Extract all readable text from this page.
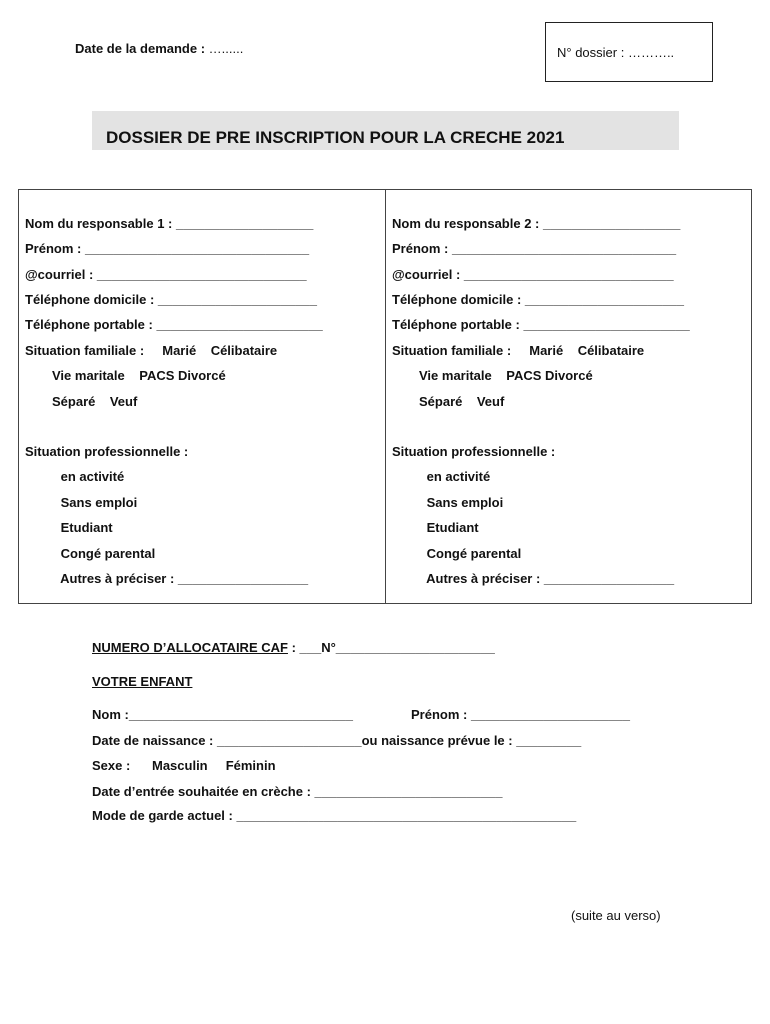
Date de la demande : …......	N° dossier : ………..
DOSSIER DE PRE INSCRIPTION POUR LA CRECHE 2021
Nom du responsable 1 : ___________________
Prénom : _______________________________
@courriel : _____________________________
Téléphone domicile : ______________________
Téléphone portable : _______________________
Situation familiale : Marié Célibataire
Vie maritale PACS Divorcé
Séparé Veuf
Situation professionnelle :
en activité
Sans emploi
Etudiant
Congé parental
Autres à préciser : __________________
Nom du responsable 2 : ___________________
Prénom : _______________________________
@courriel : _____________________________
Téléphone domicile : ______________________
Téléphone portable : _______________________
Situation familiale : Marié Célibataire
Vie maritale PACS Divorcé
Séparé Veuf
Situation professionnelle :
en activité
Sans emploi
Etudiant
Congé parental
Autres à préciser : __________________
NUMERO D’ALLOCATAIRE CAF : ___N°______________________
VOTRE ENFANT
Nom :_______________________________	Prénom : ______________________
Date de naissance : ____________________ou naissance prévue le : _________
Sexe : Masculin Féminin
Date d’entrée souhaitée en crèche : __________________________
Mode de garde actuel : _______________________________________________
(suite au verso)
